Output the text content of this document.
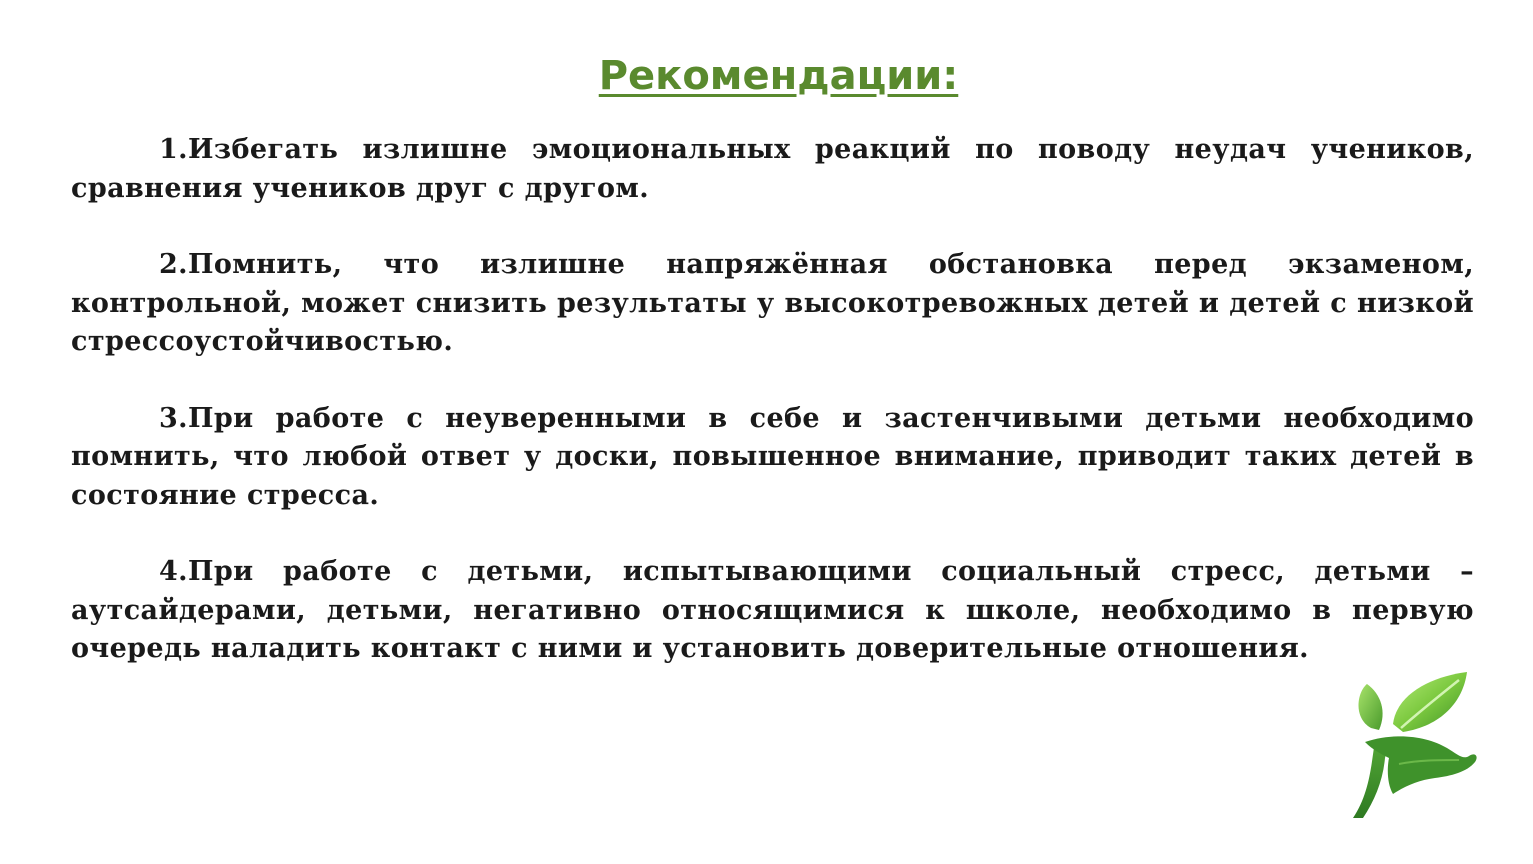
Рекомендации:

1.Избегать излишне эмоциональных реакций по поводу неудач учеников, сравнения учеников друг с другом.

2.Помнить, что излишне напряжённая обстановка перед экзаменом, контрольной, может снизить результаты у высокотревожных детей и детей с низкой стрессоустойчивостью.

3.При работе с неуверенными в себе и застенчивыми детьми необходимо помнить, что любой ответ у доски, повышенное внимание, приводит таких детей в состояние стресса.

4.При работе с детьми, испытывающими социальный стресс, детьми – аутсайдерами, детьми, негативно относящимися к школе, необходимо в первую очередь наладить контакт с ними и установить доверительные отношения.
